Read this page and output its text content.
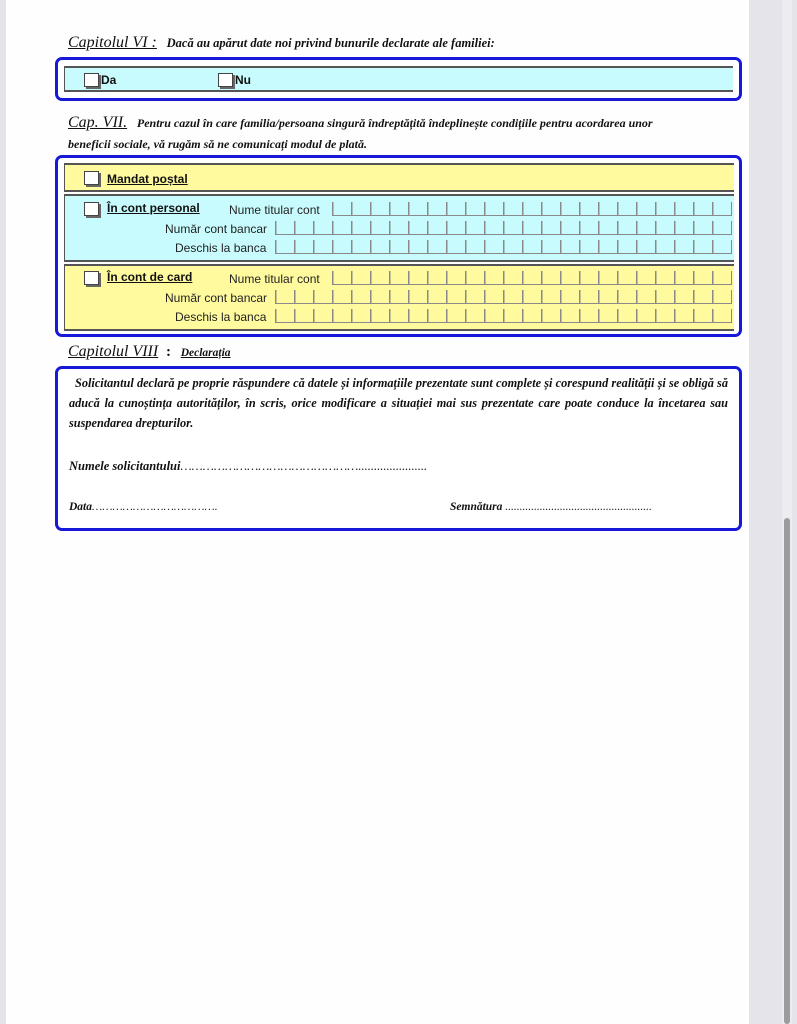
Capitolul VI : Dacă au apărut date noi privind bunurile declarate ale familiei:
Da	Nu
Cap. VII. Pentru cazul în care familia/persoana singură îndreptățită îndeplinește condițiile pentru acordarea unor
beneficii sociale, vă rugăm să ne comunicați modul de plată.
Mandat poștal
În cont personal Nume titular cont
Număr cont bancar
Deschis la banca
În cont de card	Nume titular cont
Număr cont bancar
Deschis la banca
Capitolul VIII : Declarația
Solicitantul declară pe proprie răspundere că datele și informațiile prezentate sunt complete și corespund realității și se obligă să aducă la cunoștința autorităților, în scris, orice modificare a situației mai sus prezentate care poate conduce la încetarea sau suspendarea drepturilor.
Numele solicitantului…………………………………………......................
Data……………………………….	Semnătura ...................................................
